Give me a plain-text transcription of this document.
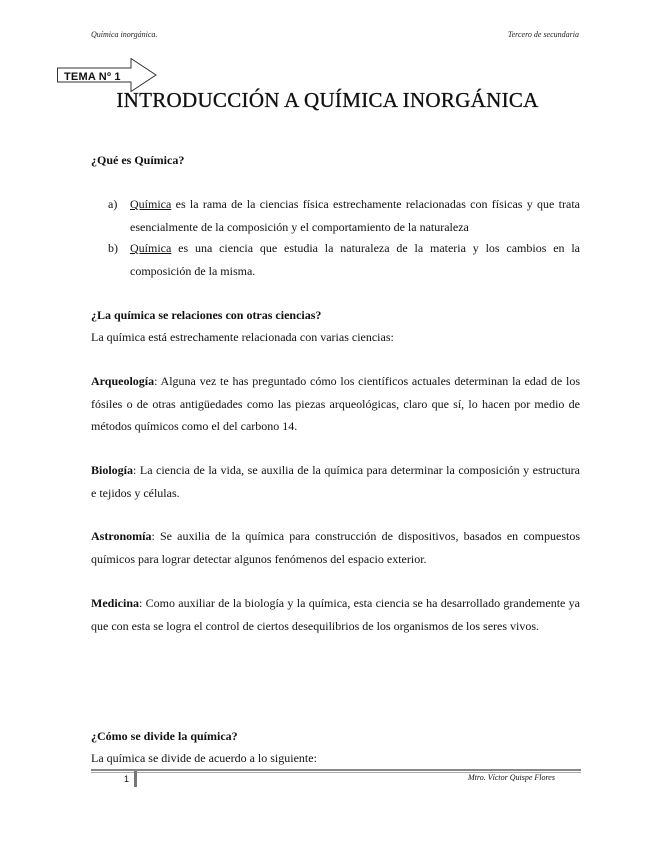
Química inorgánica.	Tercero de secundaria
TEMA Nº 1
INTRODUCCIÓN A QUÍMICA INORGÁNICA
¿Qué es Química?
a) Química es la rama de la ciencias física estrechamente relacionadas con físicas y que trata esencialmente de la composición y el comportamiento de la naturaleza
b) Química es una ciencia que estudia la naturaleza de la materia y los cambios en la composición de la misma.
¿La química se relaciones con otras ciencias?
La química está estrechamente relacionada con varias ciencias:
Arqueología: Alguna vez te has preguntado cómo los científicos actuales determinan la edad de los fósiles o de otras antigüedades como las piezas arqueológicas, claro que sí, lo hacen por medio de métodos químicos como el del carbono 14.
Biología: La ciencia de la vida, se auxilia de la química para determinar la composición y estructura e tejidos y células.
Astronomía: Se auxilia de la química para construcción de dispositivos, basados en compuestos químicos para lograr detectar algunos fenómenos del espacio exterior.
Medicina: Como auxiliar de la biología y la química, esta ciencia se ha desarrollado grandemente ya que con esta se logra el control de ciertos desequilibrios de los organismos de los seres vivos.
¿Cómo se divide la química?
La química se divide de acuerdo a lo siguiente:
1	Mtro. Víctor Quispe Flores
